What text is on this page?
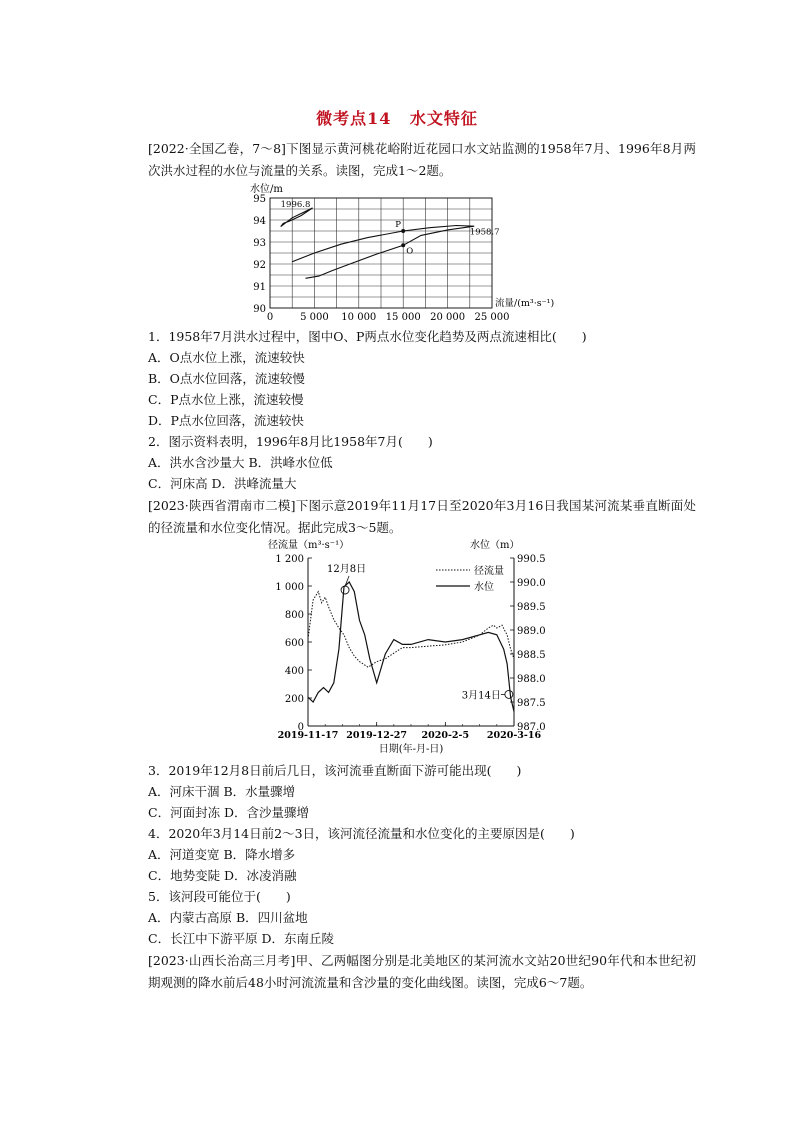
微考点14 水文特征
[2022·全国乙卷，7～8]下图显示黄河桃花峪附近花园口水文站监测的1958年7月、1996年8月两次洪水过程的水位与流量的关系。读图，完成1～2题。
水位/m
90
91
92
93
94
95
0	5 000 10 000 15 000 20 000 25 000
流量/(m³·s⁻¹)
1996.8
1958.7
P
O
1．1958年7月洪水过程中，图中O、P两点水位变化趋势及两点流速相比(　　)
A．O点水位上涨，流速较快
B．O点水位回落，流速较慢
C．P点水位上涨，流速较慢
D．P点水位回落，流速较快
2．图示资料表明，1996年8月比1958年7月(　　)
A．洪水含沙量大 B．洪峰水位低
C．河床高 D．洪峰流量大
[2023·陕西省渭南市二模]下图示意2019年11月17日至2020年3月16日我国某河流某垂直断面处的径流量和水位变化情况。据此完成3～5题。
径流量（m³·s⁻¹）	水位（m）
0
200
400
600
800
1 000
1 200
987.0
987.5
988.0
988.5
989.0
989.5
990.0
990.5
2019-11-17 2019-12-27 2020-2-5 2020-3-16
日期(年-月-日)
径流量
水位
12月8日
3月14日
3．2019年12月8日前后几日，该河流垂直断面下游可能出现(　　)
A．河床干涸 B．水量骤增
C．河面封冻 D．含沙量骤增
4．2020年3月14日前2～3日，该河流径流量和水位变化的主要原因是(　　)
A．河道变宽 B．降水增多
C．地势变陡 D．冰凌消融
5．该河段可能位于(　　)
A．内蒙古高原 B．四川盆地
C．长江中下游平原 D．东南丘陵
[2023·山西长治高三月考]甲、乙两幅图分别是北美地区的某河流水文站20世纪90年代和本世纪初期观测的降水前后48小时河流流量和含沙量的变化曲线图。读图，完成6～7题。
